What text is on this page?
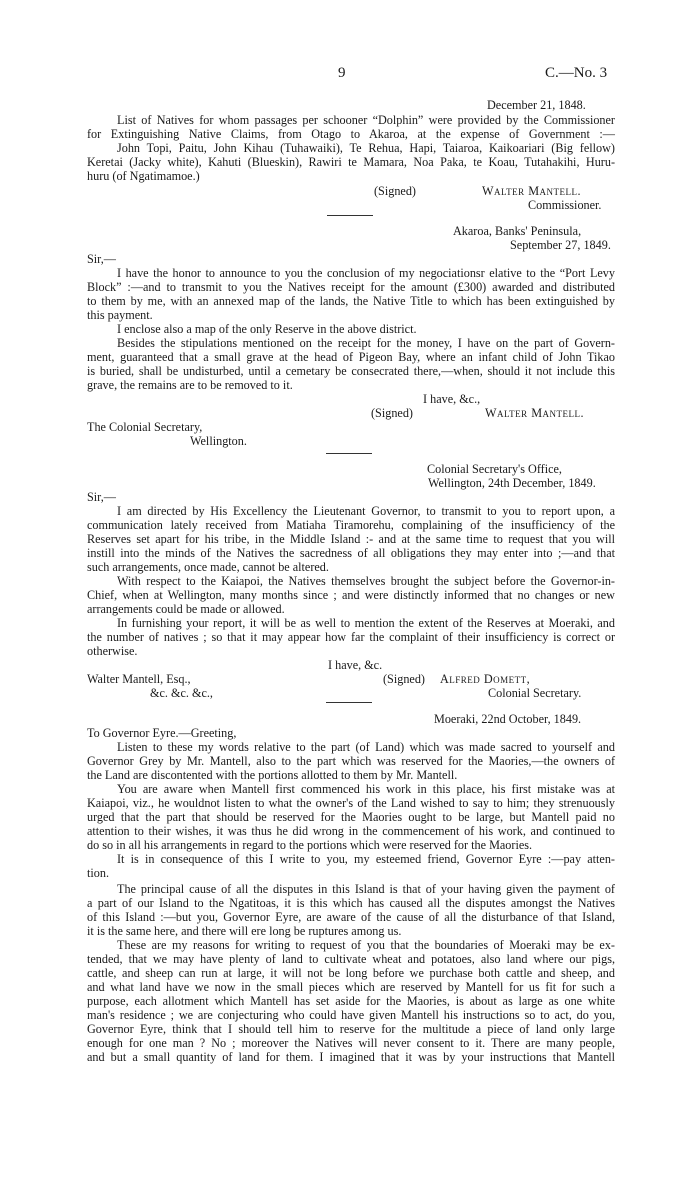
9	C.—No. 3
December 21, 1848.
List of Natives for whom passages per schooner “Dolphin” were provided by the Commissioner
for Extinguishing Native Claims, from Otago to Akaroa, at the expense of Government :—
John Topi, Paitu, John Kihau (Tuhawaiki), Te Rehua, Hapi, Taiaroa, Kaikoariari (Big fellow)
Keretai (Jacky white), Kahuti (Blueskin), Rawiri te Mamara, Noa Paka, te Koau, Tutahakihi, Huru-
huru (of Ngatimamoe.)
(Signed)	Walter Mantell.
Commissioner.
Akaroa, Banks' Peninsula,
September 27, 1849.
Sir,—
I have the honor to announce to you the conclusion of my negociationsr elative to the “Port Levy
Block” :—and to transmit to you the Natives receipt for the amount (£300) awarded and distributed
to them by me, with an annexed map of the lands, the Native Title to which has been extinguished by
this payment.
I enclose also a map of the only Reserve in the above district.
Besides the stipulations mentioned on the receipt for the money, I have on the part of Govern-
ment, guaranteed that a small grave at the head of Pigeon Bay, where an infant child of John Tikao
is buried, shall be undisturbed, until a cemetary be consecrated there,—when, should it not include this
grave, the remains are to be removed to it.
I have, &c.,
(Signed)	Walter Mantell.
The Colonial Secretary,
Wellington.
Colonial Secretary's Office,
Wellington, 24th December, 1849.
Sir,—
I am directed by His Excellency the Lieutenant Governor, to transmit to you to report upon, a
communication lately received from Matiaha Tiramorehu, complaining of the insufficiency of the
Reserves set apart for his tribe, in the Middle Island :- and at the same time to request that you will
instill into the minds of the Natives the sacredness of all obligations they may enter into ;—and that
such arrangements, once made, cannot be altered.
With respect to the Kaiapoi, the Natives themselves brought the subject before the Governor-in-
Chief, when at Wellington, many months since ; and were distinctly informed that no changes or new
arrangements could be made or allowed.
In furnishing your report, it will be as well to mention the extent of the Reserves at Moeraki, and
the number of natives ; so that it may appear how far the complaint of their insufficiency is correct or
otherwise.
I have, &c.
Walter Mantell, Esq.,	(Signed) Alfred Domett,
&c. &c. &c.,	Colonial Secretary.
Moeraki, 22nd October, 1849.
To Governor Eyre.—Greeting,
Listen to these my words relative to the part (of Land) which was made sacred to yourself and
Governor Grey by Mr. Mantell, also to the part which was reserved for the Maories,—the owners of
the Land are discontented with the portions allotted to them by Mr. Mantell.
You are aware when Mantell first commenced his work in this place, his first mistake was at
Kaiapoi, viz., he wouldnot listen to what the owner's of the Land wished to say to him; they strenuously
urged that the part that should be reserved for the Maories ought to be large, but Mantell paid no
attention to their wishes, it was thus he did wrong in the commencement of his work, and continued to
do so in all his arrangements in regard to the portions which were reserved for the Maories.
It is in consequence of this I write to you, my esteemed friend, Governor Eyre :—pay atten-
tion.
The principal cause of all the disputes in this Island is that of your having given the payment of
a part of our Island to the Ngatitoas, it is this which has caused all the disputes amongst the Natives
of this Island :—but you, Governor Eyre, are aware of the cause of all the disturbance of that Island,
it is the same here, and there will ere long be ruptures among us.
These are my reasons for writing to request of you that the boundaries of Moeraki may be ex-
tended, that we may have plenty of land to cultivate wheat and potatoes, also land where our pigs,
cattle, and sheep can run at large, it will not be long before we purchase both cattle and sheep, and
and what land have we now in the small pieces which are reserved by Mantell for us fit for such a
purpose, each allotment which Mantell has set aside for the Maories, is about as large as one white
man's residence ; we are conjecturing who could have given Mantell his instructions so to act, do you,
Governor Eyre, think that I should tell him to reserve for the multitude a piece of land only large
enough for one man ? No ; moreover the Natives will never consent to it. There are many people,
and but a small quantity of land for them. I imagined that it was by your instructions that Mantell
